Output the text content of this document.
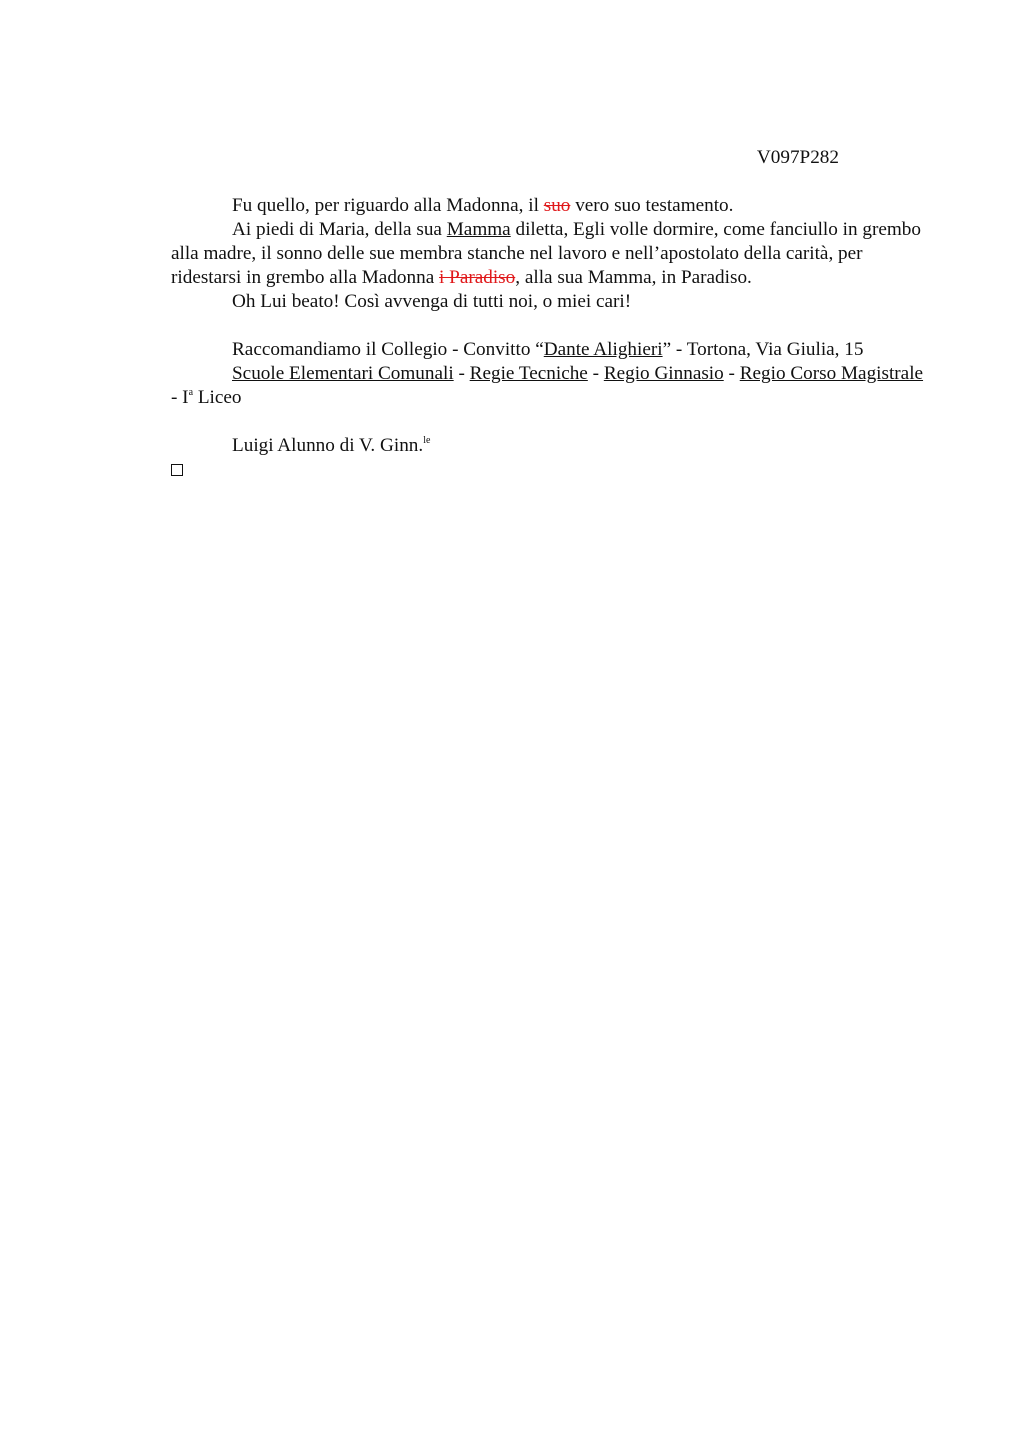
V097P282

Fu quello, per riguardo alla Madonna, il suo vero suo testamento.

Ai piedi di Maria, della sua Mamma diletta, Egli volle dormire, come fanciullo in grembo alla madre, il sonno delle sue membra stanche nel lavoro e nell’apostolato della carità, per ridestarsi in grembo alla Madonna i Paradiso, alla sua Mamma, in Paradiso.

Oh Lui beato! Così avvenga di tutti noi, o miei cari!

Raccomandiamo il Collegio - Convitto “Dante Alighieri” - Tortona, Via Giulia, 15

Scuole Elementari Comunali - Regie Tecniche - Regio Ginnasio - Regio Corso Magistrale - $I^a$ Liceo

Luigi Alunno di V. Ginn.$^{le}$
